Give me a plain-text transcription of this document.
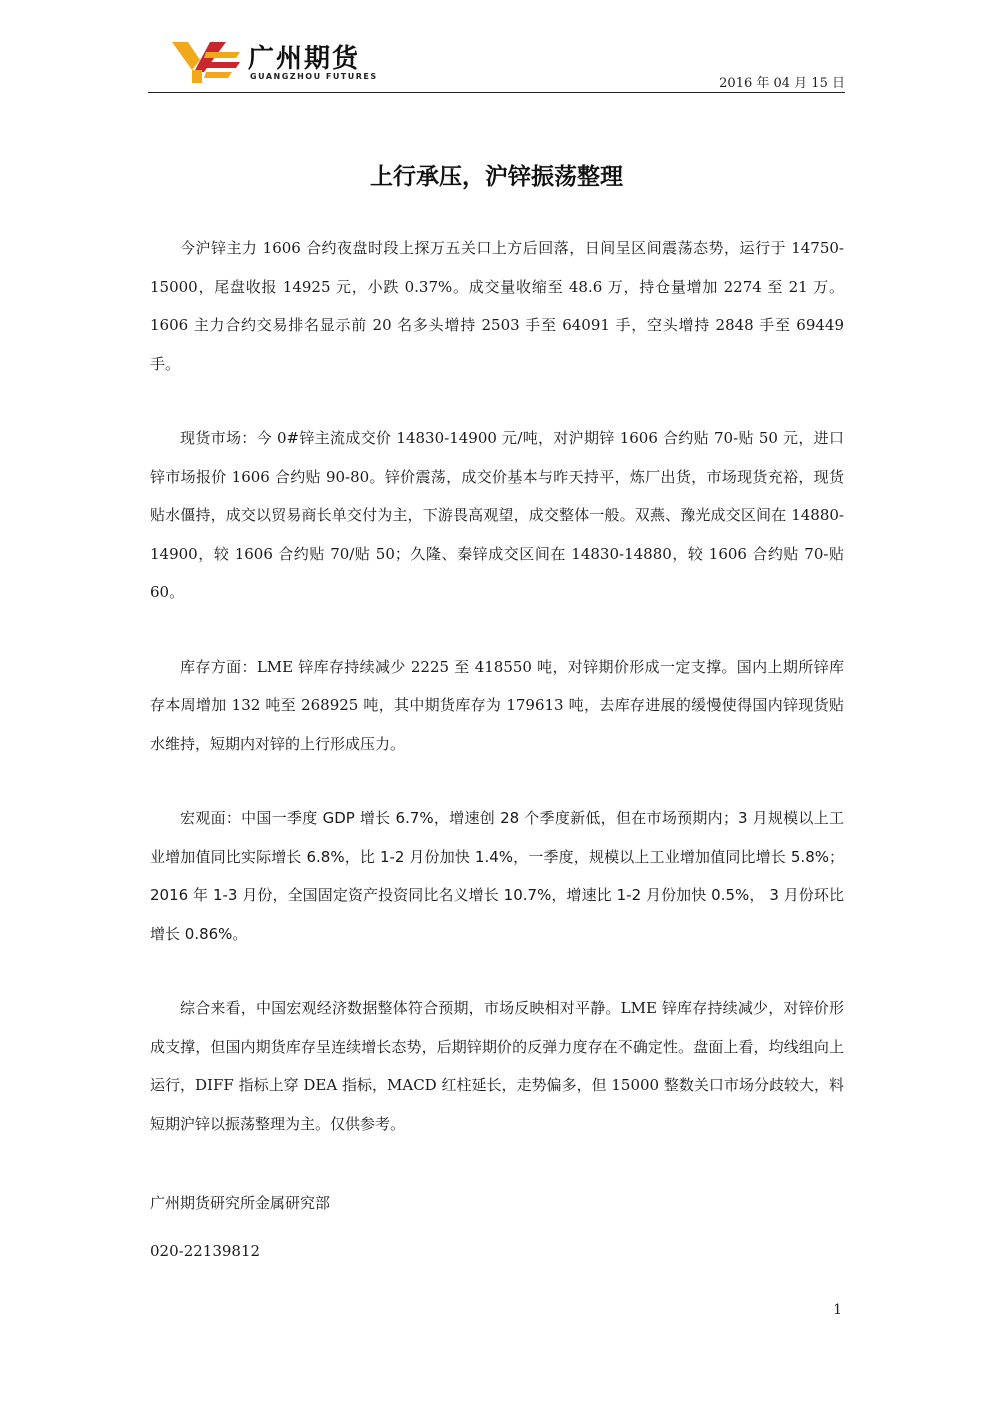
广州期货
GUANGZHOU FUTURES	2016 年 04 月 15 日
上行承压，沪锌振荡整理

今沪锌主力 1606 合约夜盘时段上探万五关口上方后回落，日间呈区间震荡态势，运行于 14750-15000，尾盘收报 14925 元，小跌 0.37%。成交量收缩至 48.6 万，持仓量增加 2274 至 21 万。1606 主力合约交易排名显示前 20 名多头增持 2503 手至 64091 手，空头增持 2848 手至 69449 手。

现货市场：今 0#锌主流成交价 14830-14900 元/吨，对沪期锌 1606 合约贴 70-贴 50 元，进口锌市场报价 1606 合约贴 90-80。锌价震荡，成交价基本与昨天持平，炼厂出货，市场现货充裕，现货贴水僵持，成交以贸易商长单交付为主，下游畏高观望，成交整体一般。双燕、豫光成交区间在 14880-14900，较 1606 合约贴 70/贴 50；久隆、秦锌成交区间在 14830-14880，较 1606 合约贴 70-贴 60。

库存方面：LME 锌库存持续减少 2225 至 418550 吨，对锌期价形成一定支撑。国内上期所锌库存本周增加 132 吨至 268925 吨，其中期货库存为 179613 吨，去库存进展的缓慢使得国内锌现货贴水维持，短期内对锌的上行形成压力。

宏观面：中国一季度 GDP 增长 6.7%，增速创 28 个季度新低，但在市场预期内；3 月规模以上工业增加值同比实际增长 6.8%，比 1-2 月份加快 1.4%，一季度，规模以上工业增加值同比增长 5.8%；2016 年 1-3 月份，全国固定资产投资同比名义增长 10.7%，增速比 1-2 月份加快 0.5%， 3 月份环比增长 0.86%。

综合来看，中国宏观经济数据整体符合预期，市场反映相对平静。LME 锌库存持续减少，对锌价形成支撑，但国内期货库存呈连续增长态势，后期锌期价的反弹力度存在不确定性。盘面上看，均线组向上运行，DIFF 指标上穿 DEA 指标，MACD 红柱延长，走势偏多，但 15000 整数关口市场分歧较大，料短期沪锌以振荡整理为主。仅供参考。

广州期货研究所金属研究部

020-22139812

1
